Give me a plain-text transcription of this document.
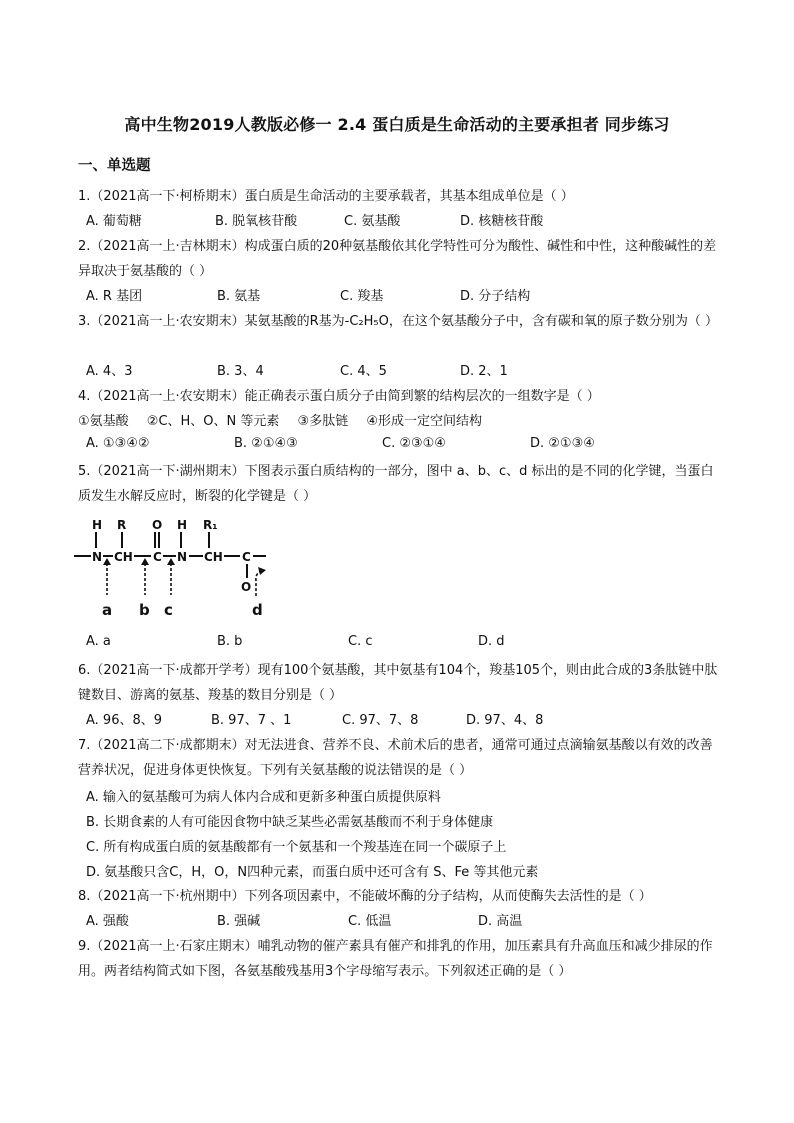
高中生物2019人教版必修一 2.4 蛋白质是生命活动的主要承担者 同步练习
一、单选题
1.（2021高一下·柯桥期末）蛋白质是生命活动的主要承载者，其基本组成单位是（ ）
A. 葡萄糖	B. 脱氧核苷酸	C. 氨基酸	D. 核糖核苷酸
2.（2021高一上·吉林期末）构成蛋白质的20种氨基酸依其化学特性可分为酸性、碱性和中性，这种酸碱性的差异取决于氨基酸的（ ）
A. R 基团	B. 氨基	C. 羧基	D. 分子结构
3.（2021高一上·农安期末）某氨基酸的R基为-C₂H₅O，在这个氨基酸分子中，含有碳和氧的原子数分别为（ ）
A. 4、3	B. 3、4	C. 4、5	D. 2、1
4.（2021高一上·农安期末）能正确表示蛋白质分子由简到繁的结构层次的一组数字是（ ）
①氨基酸 ②C、H、O、N 等元素 ③多肽链 ④形成一定空间结构
A. ①③④②	B. ②①④③	C. ②③①④	D. ②①③④
5.（2021高一下·湖州期末）下图表示蛋白质结构的一部分，图中 a、b、c、d 标出的是不同的化学键，当蛋白质发生水解反应时，断裂的化学键是（ ）
H R O H R₁
N CH C N CH C
O
a b c	d
A. a	B. b	C. c	D. d
6.（2021高一下·成都开学考）现有100个氨基酸，其中氨基有104个，羧基105个，则由此合成的3条肽链中肽键数目、游离的氨基、羧基的数目分别是（ ）
A. 96、8、9	B. 97、7 、1	C. 97、7、8	D. 97、4、8
7.（2021高二下·成都期末）对无法进食、营养不良、术前术后的患者，通常可通过点滴输氨基酸以有效的改善营养状况，促进身体更快恢复。下列有关氨基酸的说法错误的是（ ）
A. 输入的氨基酸可为病人体内合成和更新多种蛋白质提供原料
B. 长期食素的人有可能因食物中缺乏某些必需氨基酸而不利于身体健康
C. 所有构成蛋白质的氨基酸都有一个氨基和一个羧基连在同一个碳原子上
D. 氨基酸只含C，H，O，N四种元素，而蛋白质中还可含有 S、Fe 等其他元素
8.（2021高一下·杭州期中）下列各项因素中，不能破坏酶的分子结构，从而使酶失去活性的是（ ）
A. 强酸	B. 强碱	C. 低温	D. 高温
9.（2021高一上·石家庄期末）哺乳动物的催产素具有催产和排乳的作用，加压素具有升高血压和减少排尿的作用。两者结构简式如下图，各氨基酸残基用3个字母缩写表示。下列叙述正确的是（ ）
